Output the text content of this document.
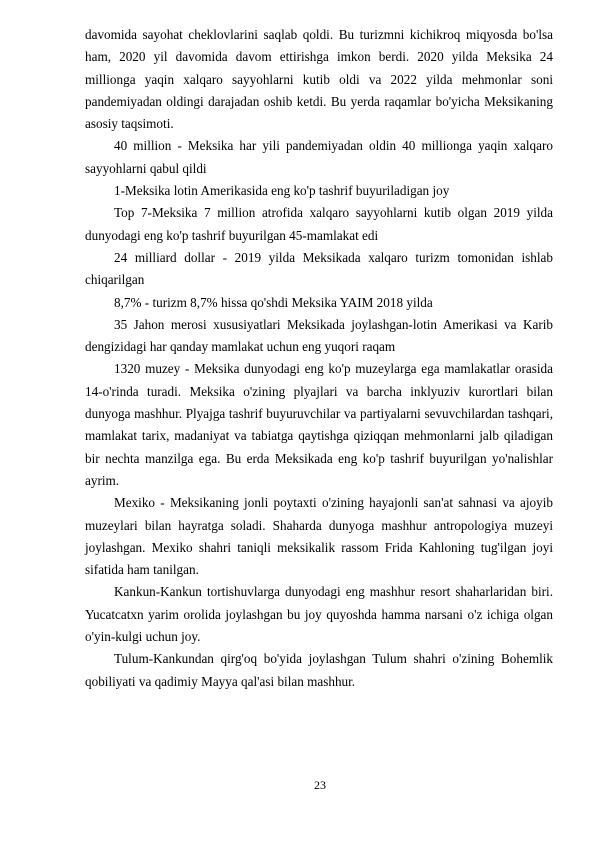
davomida sayohat cheklovlarini saqlab qoldi. Bu turizmni kichikroq miqyosda bo'lsa ham, 2020 yil davomida davom ettirishga imkon berdi. 2020 yilda Meksika 24 millionga yaqin xalqaro sayyohlarni kutib oldi va 2022 yilda mehmonlar soni pandemiyadan oldingi darajadan oshib ketdi. Bu yerda raqamlar bo'yicha Meksikaning asosiy taqsimoti.

40 million - Meksika har yili pandemiyadan oldin 40 millionga yaqin xalqaro sayyohlarni qabul qildi

1-Meksika lotin Amerikasida eng ko'p tashrif buyuriladigan joy

Top 7-Meksika 7 million atrofida xalqaro sayyohlarni kutib olgan 2019 yilda dunyodagi eng ko'p tashrif buyurilgan 45-mamlakat edi

24 milliard dollar - 2019 yilda Meksikada xalqaro turizm tomonidan ishlab chiqarilgan

8,7% - turizm 8,7% hissa qo'shdi Meksika YAIM 2018 yilda

35 Jahon merosi xususiyatlari Meksikada joylashgan-lotin Amerikasi va Karib dengizidagi har qanday mamlakat uchun eng yuqori raqam

1320 muzey - Meksika dunyodagi eng ko'p muzeylarga ega mamlakatlar orasida 14-o'rinda turadi. Meksika o'zining plyajlari va barcha inklyuziv kurortlari bilan dunyoga mashhur. Plyajga tashrif buyuruvchilar va partiyalarni sevuvchilardan tashqari, mamlakat tarix, madaniyat va tabiatga qaytishga qiziqqan mehmonlarni jalb qiladigan bir nechta manzilga ega. Bu erda Meksikada eng ko'p tashrif buyurilgan yo'nalishlar ayrim.

Mexiko - Meksikaning jonli poytaxti o'zining hayajonli san'at sahnasi va ajoyib muzeylari bilan hayratga soladi. Shaharda dunyoga mashhur antropologiya muzeyi joylashgan. Mexiko shahri taniqli meksikalik rassom Frida Kahloning tug'ilgan joyi sifatida ham tanilgan.

Kankun-Kankun tortishuvlarga dunyodagi eng mashhur resort shaharlaridan biri. Yucatcatxn yarim orolida joylashgan bu joy quyoshda hamma narsani o'z ichiga olgan o'yin-kulgi uchun joy.

Tulum-Kankundan qirg'oq bo'yida joylashgan Tulum shahri o'zining Bohemlik qobiliyati va qadimiy Mayya qal'asi bilan mashhur.

23
